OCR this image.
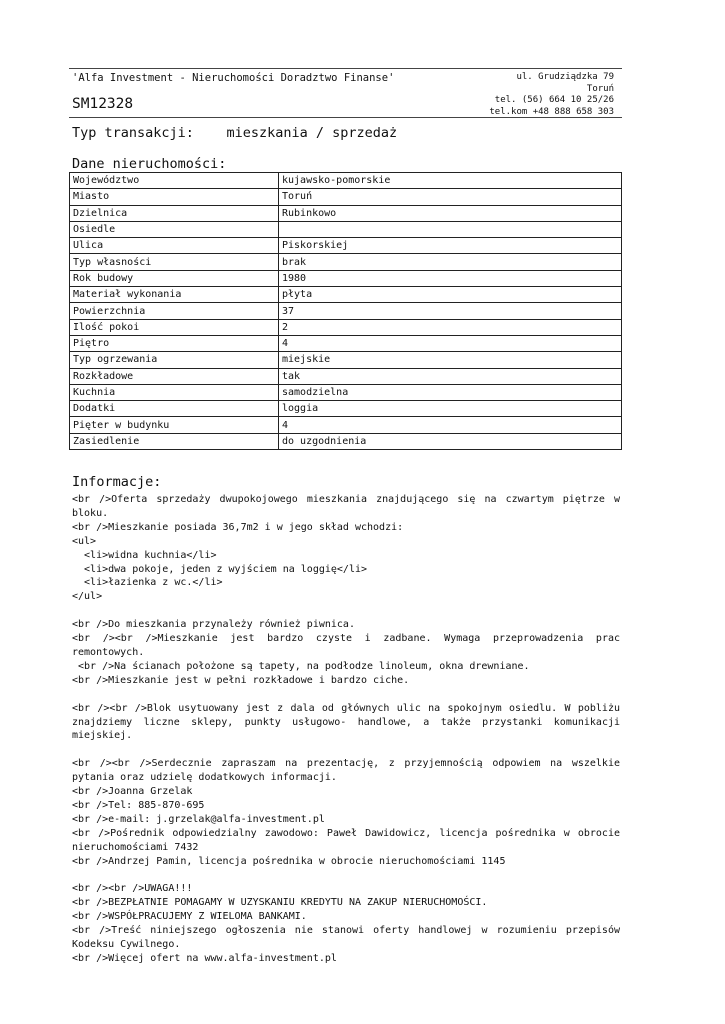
'Alfa Investment - Nieruchomości Doradztwo Finanse'
SM12328
ul. Grudziądzka 79
Toruń
tel. (56) 664 10 25/26
tel.kom +48 888 658 303
Typ transakcji: mieszkania / sprzedaż
Dane nieruchomości:
Województwo	kujawsko-pomorskie
Miasto	Toruń
Dzielnica	Rubinkowo
Osiedle	
Ulica	Piskorskiej
Typ własności	brak
Rok budowy	1980
Materiał wykonania	płyta
Powierzchnia	37
Ilość pokoi	2
Piętro	4
Typ ogrzewania	miejskie
Rozkładowe	tak
Kuchnia	samodzielna
Dodatki	loggia
Pięter w budynku	4
Zasiedlenie	do uzgodnienia
Informacje:
<br />Oferta sprzedaży dwupokojowego mieszkania znajdującego się na czwartym piętrze w bloku.
<br />Mieszkanie posiada 36,7m2 i w jego skład wchodzi:
<ul>
<li>widna kuchnia</li>
<li>dwa pokoje, jeden z wyjściem na loggię</li>
<li>łazienka z wc.</li>
</ul>
<br />Do mieszkania przynależy również piwnica.
<br /><br />Mieszkanie jest bardzo czyste i zadbane. Wymaga przeprowadzenia prac remontowych.
<br />Na ścianach położone są tapety, na podłodze linoleum, okna drewniane.
<br />Mieszkanie jest w pełni rozkładowe i bardzo ciche.
<br /><br />Blok usytuowany jest z dala od głównych ulic na spokojnym osiedlu. W pobliżu znajdziemy liczne sklepy, punkty usługowo- handlowe, a także przystanki komunikacji miejskiej.
<br /><br />Serdecznie zapraszam na prezentację, z przyjemnością odpowiem na wszelkie pytania oraz udzielę dodatkowych informacji.
<br />Joanna Grzelak
<br />Tel: 885-870-695
<br />e-mail: j.grzelak@alfa-investment.pl
<br />Pośrednik odpowiedzialny zawodowo: Paweł Dawidowicz, licencja pośrednika w obrocie nieruchomościami 7432
<br />Andrzej Pamin, licencja pośrednika w obrocie nieruchomościami 1145
<br /><br />UWAGA!!!
<br />BEZPŁATNIE POMAGAMY W UZYSKANIU KREDYTU NA ZAKUP NIERUCHOMOŚCI.
<br />WSPÓŁPRACUJEMY Z WIELOMA BANKAMI.
<br />Treść niniejszego ogłoszenia nie stanowi oferty handlowej w rozumieniu przepisów Kodeksu Cywilnego.
<br />Więcej ofert na www.alfa-investment.pl
